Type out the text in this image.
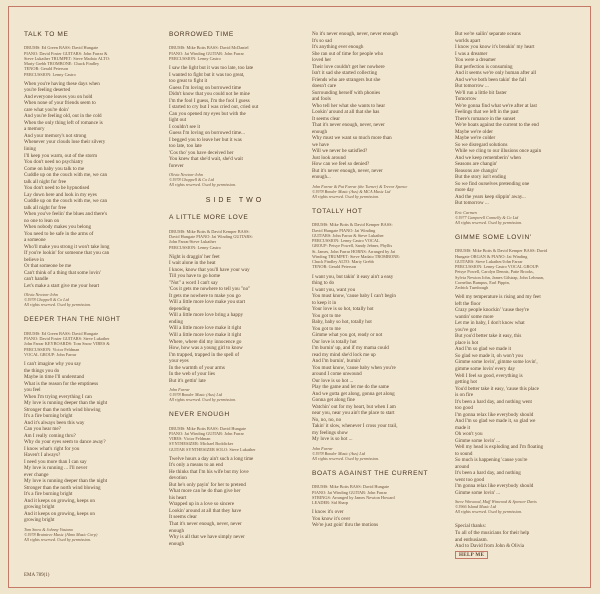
TALK TO ME
DRUMS: Ed Green BASS: David Hungate
PIANO: David Foster GUITARS: John Farrar &
Steve Lukather TRUMPET: Steve Madaio ALTO:
Marty Grebb TROMBONE: Chuck Findley
TENOR: Gerald Peterson
PERCUSSION: Lenny Castro
When you're having these days when
you're feeling deserted
And everyone leaves you on hold
When none of your friends seem to
care what you're doin'
And you're feeling old, out in the cold
When the only thing left of romance is
a memory
And your memory's not strong
Whenever your clouds lose their silvery
lining
I'll keep you warm, out of the storm
You don't need no psychiatry
Come on baby you talk to me
Cuddle up on the couch with me, we can
talk all night for free
You don't need to be hypnotised
Lay down here and look in my eyes
Cuddle up on the couch with me, we can
talk all night for free
When you've feelin' the blues and there's
no one to lean on
When nobody makes you belong
You need to be safe in the arms of
a someone
Who'll make you strong it won't take long
If you're lookin' for someone that you can
believe in
Or that someone be me
Can't think of a thing that some lovin'
can't handle
Let's make a start give me your heart
Olivia Newton-John
©1978 Chappell & Co Ltd
All rights reserved. Used by permission.
DEEPER THAN THE NIGHT
DRUMS: Ed Green BASS: David Hungate
PIANO: David Foster GUITARS: Steve Lukather
John Farrar KEYBOARDS: Tom Snow VIBES &
PERCUSSION: Victor Feldman
VOCAL GROUP: John Farrar
I can't imagine why you say
the things you do
Maybe in time I'll understand
What is the reason for the emptiness
you feel
When I'm trying everything I can
My love is running deeper than the night
Stronger than the north wind blowing
It's a fire burning bright
And it's always been this way
Can you hear me?
Am I really coming thru?
Why do your eyes seem to dance away?
I know what's right for you
Haven't I always?
I need you more than I can say
My love is running ... I'll never
ever change
My love is running deeper than the night
Stronger than the north wind blowing
It's a fire burning bright
And it keeps on growing, keeps on
growing bright
And it keeps on growing, keeps on
growing bright
Tom Snow & Johnny Vastano
©1978 Braintree Music (Almo Music Corp)
All rights reserved. Used by permission.
BORROWED TIME
DRUMS: Mike Botts BASS: David McDaniel
PIANO: Jai Winding GUITAR: John Farrar
PERCUSSION: Lenny Castro
I saw the light but it was too late, too late
I wanted to fight but it was too great,
too great to fight it
Guess I'm loving on borrowed time
Didn't know that you could not be mine
I'm the fool I guess, I'm the fool I guess
I started to cry but I was cried out, cried out
Can you opened my eyes but with the
light out
I couldn't see it
Guess I'm loving on borrowed time...
I begged you to leave her but it was
too late, too late
'Cos tho' you have deceived her
You knew that she'd wait, she'd wait
forever
Olivia Newton-John
©1978 Chappell & Co Ltd
All rights reserved. Used by permission.
SIDE TWO
A LITTLE MORE LOVE
DRUMS: Mike Botts & David Kemper BASS:
David Hungate PIANO: Jai Winding GUITARS:
John Farrar/Steve Lukather
PERCUSSION: Lenny Castro
Night is draggin' her feet
I wait alone in the heat
I know, know that you'll have your way
Till you have to go home
"Not" a word I can't say
'Cos it gets me nowhere to tell you "no"
It gets me nowhere to make you go
Will a little more love make you start
depending
Will a little more love bring a happy
ending
Will a little more love make it right
Will a little more love make it right
Where, where did my innocence go
How, how was a young girl to know
I'm trapped, trapped in the spell of
your eyes
In the warmth of your arms
In the web of your lies
But it's gettin' late
John Farrar
©1978 Bonder Music (Aus) Ltd
All rights reserved. Used by permission.
NEVER ENOUGH
DRUMS: Mike Botts BASS: David Hungate
PIANO: Jai Winding GUITAR: John Farrar
VIBES: Victor Feldman
SYNTHESIZER: Michael Boddicker
GUITAR SYNTHESIZER SOLO: Steve Lukather
Twelve hours a day ain't such a long time
It's only a means to an end
He thinks that I'm his wife but my love
devotion
But he's only payin' for her to pretend
What more can he do than give her
his heart
Wrapped up in a love so sincere
Lookin' around at all that they have
It seems clear
That it's never enough, never, never
enough
Why is all that we have simply never
enough
No it's never enough, never, never enough
It's so sad
It's anything ever enough
She ran out of time for people who
loved her
Their love couldn't get her nowhere
Isn't it sad she started collecting
Friends who are strangers but she
doesn't care
Surrounding herself with phonies
and fools
Who tell her what she wants to hear
Lookin' around at all that she has
It seems clear
That it's never enough, never, never
enough
Why must we want so much more than
we have
Will we never be satisfied?
Just look around
How can we feel so denied?
But it's never enough, never, never
enough...
John Farrar & Pat Farrar (the Turner) & Trevor Spence
©1978 Bonder Music (Aus) & MCA Music Ltd
All rights reserved. Used by permission.
TOTALLY HOT
DRUMS: Mike Botts & David Kemper BASS:
David Hungate PIANO: Jai Winding
GUITARS: John Farrar & Steve Lukather
PERCUSSION: Lenny Castro VOCAL
GROUP: Petsye Powell, Sandy Jebner, Phyllis
St. James, John Farrar HORNS: Arranged by Jai
Winding TRUMPET: Steve Madaio TROMBONE:
Chuck Findley ALTO: Marty Grebb
TENOR: Gerald Peterson
I want you, but takin' it easy ain't a easy
thing to do
I want you, want you
You must know, 'cause baby I can't begin
to keep it in
Your love is so hot, totally hot
You got to me
Baby, baby so hot, totally hot
You got to me
Gimme what you got, ready or not
Our love is totally hot
I'm burnin' up, and if my mama could
read my mind she'd lock me up
And I'm burnin', burnin'
You must know, 'cause baby when you're
around I come unwound
Our love is so hot ...
Play the game and let me do the same
And we gotta get along, gonna get along
Gonna get along fine
Watchin' out for my heart, but when I am
near you, near you ain't the place to start
No, no, no, no
Takin' it slow, whenever I cross your trail,
my feelings show
My love is so hot ...
John Farrar
©1978 Bonder Music (Aus) Ltd
All rights reserved. Used by permission.
BOATS AGAINST THE CURRENT
DRUMS: Mike Botts BASS: David Hungate
PIANO: Jai Winding GUITAR: John Farrar
STRINGS: Arranged by James Newton Howard
LEADER: Sid Sharp
I know it's over
You know it's over
We're just goin' thru the motions
But we're sailin' separate oceans
worlds apart
I know you know it's breakin' my heart
I was a dreamer
You were a dreamer
But perfection is consuming
And it seems we're only human after all
And we've both been takin' the fall
But tomorrow ...
We'll run a little bit faster
Tomorrow
We're gonna find what we're after at last
Feelings that we left in the past
There's romance in the sunset
We're boats against the current to the end
Maybe we're older
Maybe we're colder
So we disregard solutions
While we cling to our illusions once again
And we keep rememberin' when
Seasons are changin'
Reasons are changin'
But the story isn't ending
So we find ourselves pretending one
more day
And the years keep slippin' away...
But tomorrow ...
Eric Carmen
©1977 Camperell Connelly & Co Ltd
All rights reserved. Used by permission.
GIMME SOME LOVIN'
DRUMS: Mike Botts & David Kemper BASS: David
Hungate ORGAN & PIANO: Jai Winding
GUITARS: Steve Lukather/John Farrar
PERCUSSION: Lenny Castro VOCAL GROUP:
Petsye Powell, Carolyn Dennis, Patte Brooks,
Sylvia Newton John, James Gilstrap, John Lehman,
Cornelius Bumpus, Earl Pippin,
Zedrick Turnbough
Well my temperature is rising and my feet
left the floor
Crazy people knockin' 'cause they're
wantin' some more
Let me in baby, I don't know what
you've got
But you'd better take it easy, this
place is hot
And I'm so glad we made it
So glad we made it, oh won't you
Gimme some lovin', gimme some lovin',
gimme some lovin' every day
Well I feel so good, everything is
getting hot
You'd better take it easy, 'cause this place
is on fire
It's been a hard day, and nothing went
too good
I'm gonna relax like everybody should
And I'm so glad we made it, so glad we
made it
Oh won't you
Gimme some lovin' ...
Well my head is exploding and I'm floating
to sound
So much is happening 'cause you're
around
It's been a hard day, and nothing
went too good
I'm gonna relax like everybody should
Gimme some lovin' ...
Steve Winwood, Muff Winwood & Spencer Davis
©1966 Island Music Ltd
All rights reserved. Used by permission.
Special thanks:
To all of the musicians for their help
and enthusiasm.
And to David from John & Olivia
HELP ME
EMA 789(1)
